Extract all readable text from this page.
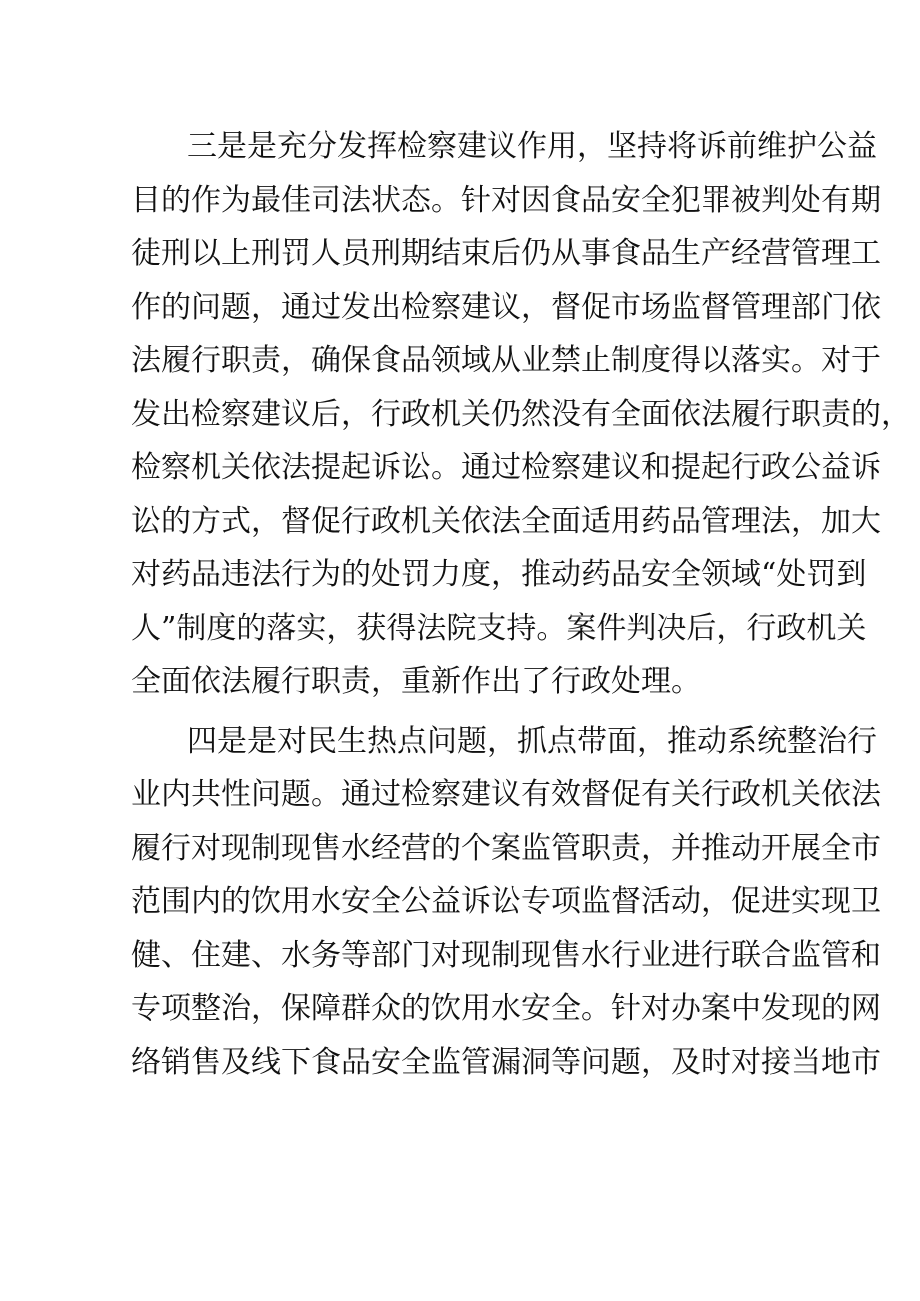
三是是充分发挥检察建议作用，坚持将诉前维护公益
目的作为最佳司法状态。针对因食品安全犯罪被判处有期
徒刑以上刑罚人员刑期结束后仍从事食品生产经营管理工
作的问题，通过发出检察建议，督促市场监督管理部门依
法履行职责，确保食品领域从业禁止制度得以落实。对于
发出检察建议后，行政机关仍然没有全面依法履行职责的，
检察机关依法提起诉讼。通过检察建议和提起行政公益诉
讼的方式，督促行政机关依法全面适用药品管理法，加大
对药品违法行为的处罚力度，推动药品安全领域“处罚到
人”制度的落实，获得法院支持。案件判决后，行政机关
全面依法履行职责，重新作出了行政处理。
四是是对民生热点问题，抓点带面，推动系统整治行
业内共性问题。通过检察建议有效督促有关行政机关依法
履行对现制现售水经营的个案监管职责，并推动开展全市
范围内的饮用水安全公益诉讼专项监督活动，促进实现卫
健、住建、水务等部门对现制现售水行业进行联合监管和
专项整治，保障群众的饮用水安全。针对办案中发现的网
络销售及线下食品安全监管漏洞等问题，及时对接当地市
